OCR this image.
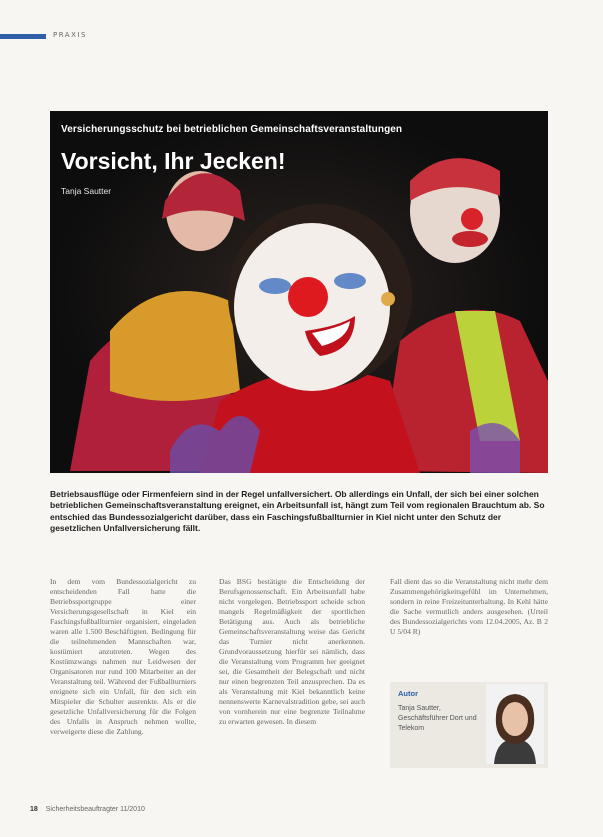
PRAXIS
Versicherungsschutz bei betrieblichen Gemeinschaftsveranstaltungen
Vorsicht, Ihr Jecken!
Tanja Sautter

Betriebsausflüge oder Firmenfeiern sind in der Regel unfallversichert. Ob allerdings ein Unfall, der sich bei einer solchen betrieblichen Gemeinschaftsveranstaltung ereignet, ein Arbeitsunfall ist, hängt zum Teil vom regionalen Brauchtum ab. So entschied das Bundessozialgericht darüber, dass ein Faschingsfußballturnier in Kiel nicht unter den Schutz der gesetzlichen Unfallversicherung fällt.

In dem vom Bundessozialgericht zu entscheidenden Fall hatte die Betriebssportgruppe einer Versicherungsgesellschaft in Kiel ein Faschingsfußballturnier organisiert, eingeladen waren alle 1.500 Beschäftigten. Bedingung für die teilnehmenden Mannschaften war, kostümiert anzutreten. Wegen des Kostümzwangs nahmen nur Leidwesen der Organisatoren nur rund 100 Mitarbeiter an der Veranstaltung teil. Während der Fußballturniers ereignete sich ein Unfall, für den sich ein Mitspieler die Schulter ausrenkte. Als er die gesetzliche Unfallversicherung für die Folgen des Unfalls in Anspruch nehmen wollte, verweigerte diese die Zahlung.

Das BSG bestätigte die Entscheidung der Berufsgenossenschaft. Ein Arbeitsunfall habe nicht vorgelegen. Betriebssport scheide schon mangels Regelmäßigkeit der sportlichen Betätigung aus. Auch als betriebliche Gemeinschaftsveranstaltung weise das Gericht das Turnier nicht anerkennen. Grundvoraussetzung hierfür sei nämlich, dass die Veranstaltung vom Programm her geeignet sei, die Gesamtheit der Belegschaft und nicht nur einen begrenzten Teil anzusprechen. Da es als Veranstaltung mit Kiel bekanntlich keine nennenswerte Karnevalstradition gebe, sei auch von vornherein nur eine begrenzte Teilnahme zu erwarten gewesen. In diesem

Fall dient das so die Veranstaltung nicht mehr dem Zusammengehörigkeitsgefühl im Unternehmen, sondern in reine Freizeitunterhaltung. In Kehl hätte die Sache vermutlich anders ausgesehen. (Urteil des Bundessozialgerichts vom 12.04.2005, Az. B 2 U 5/04 R)

Autor
Tanja Sautter, Geschäftsführer Dort und Telekom
18 Sicherheitsbeauftragter 11/2010
